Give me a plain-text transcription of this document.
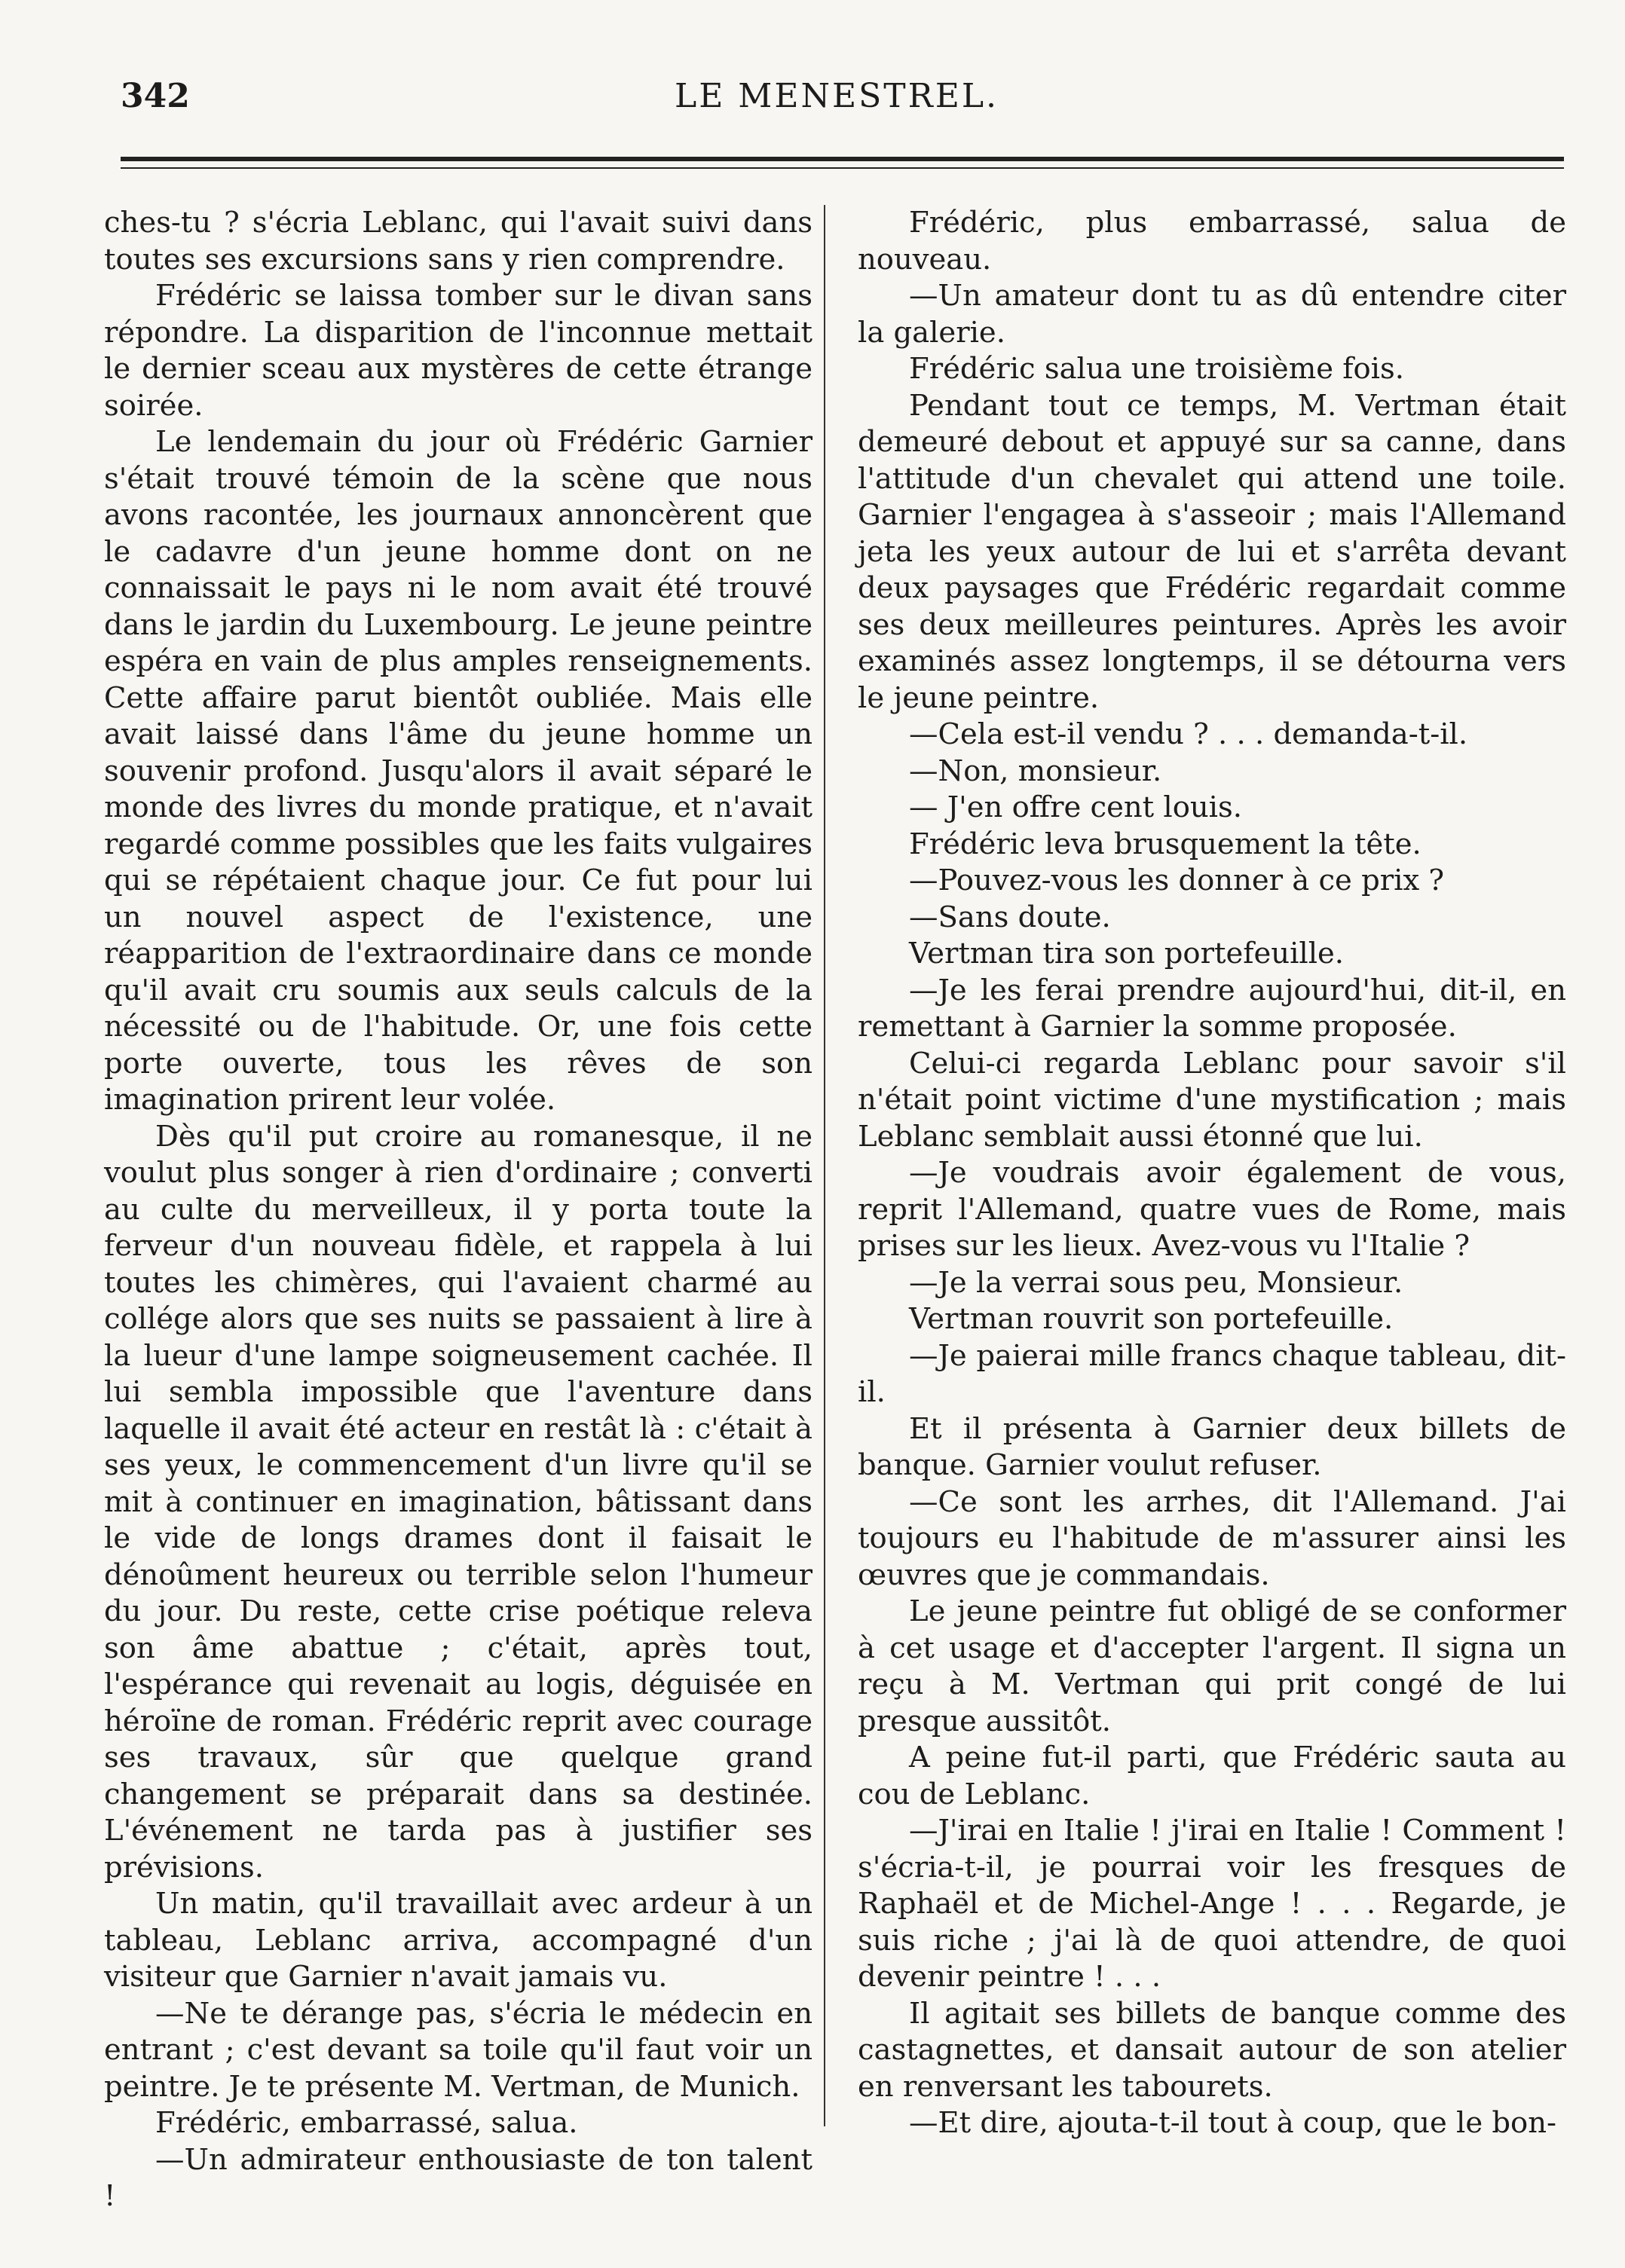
342	LE MENESTREL.

ches-tu ? s'écria Leblanc, qui l'avait suivi dans toutes ses excursions sans y rien comprendre.

Frédéric se laissa tomber sur le divan sans répondre. La disparition de l'inconnue mettait le dernier sceau aux mystères de cette étrange soirée.

Le lendemain du jour où Frédéric Garnier s'était trouvé témoin de la scène que nous avons racontée, les journaux annoncèrent que le cadavre d'un jeune homme dont on ne connaissait le pays ni le nom avait été trouvé dans le jardin du Luxembourg. Le jeune peintre espéra en vain de plus amples renseignements. Cette affaire parut bientôt oubliée. Mais elle avait laissé dans l'âme du jeune homme un souvenir profond. Jusqu'alors il avait séparé le monde des livres du monde pratique, et n'avait regardé comme possibles que les faits vulgaires qui se répétaient chaque jour. Ce fut pour lui un nouvel aspect de l'existence, une réapparition de l'extraordinaire dans ce monde qu'il avait cru soumis aux seuls calculs de la nécessité ou de l'habitude. Or, une fois cette porte ouverte, tous les rêves de son imagination prirent leur volée.

Dès qu'il put croire au romanesque, il ne voulut plus songer à rien d'ordinaire ; converti au culte du merveilleux, il y porta toute la ferveur d'un nouveau fidèle, et rappela à lui toutes les chimères, qui l'avaient charmé au collége alors que ses nuits se passaient à lire à la lueur d'une lampe soigneusement cachée. Il lui sembla impossible que l'aventure dans laquelle il avait été acteur en restât là : c'était à ses yeux, le commencement d'un livre qu'il se mit à continuer en imagination, bâtissant dans le vide de longs drames dont il faisait le dénoûment heureux ou terrible selon l'humeur du jour. Du reste, cette crise poétique releva son âme abattue ; c'était, après tout, l'espérance qui revenait au logis, déguisée en héroïne de roman. Frédéric reprit avec courage ses travaux, sûr que quelque grand changement se préparait dans sa destinée. L'événement ne tarda pas à justifier ses prévisions.

Un matin, qu'il travaillait avec ardeur à un tableau, Leblanc arriva, accompagné d'un visiteur que Garnier n'avait jamais vu.

—Ne te dérange pas, s'écria le médecin en entrant ; c'est devant sa toile qu'il faut voir un peintre. Je te présente M. Vertman, de Munich.

Frédéric, embarrassé, salua.

—Un admirateur enthousiaste de ton talent !

Frédéric, plus embarrassé, salua de nouveau.

—Un amateur dont tu as dû entendre citer la galerie.

Frédéric salua une troisième fois.

Pendant tout ce temps, M. Vertman était demeuré debout et appuyé sur sa canne, dans l'attitude d'un chevalet qui attend une toile. Garnier l'engagea à s'asseoir ; mais l'Allemand jeta les yeux autour de lui et s'arrêta devant deux paysages que Frédéric regardait comme ses deux meilleures peintures. Après les avoir examinés assez longtemps, il se détourna vers le jeune peintre.

—Cela est-il vendu ? . . . demanda-t-il.

—Non, monsieur.

— J'en offre cent louis.

Frédéric leva brusquement la tête.

—Pouvez-vous les donner à ce prix ?

—Sans doute.

Vertman tira son portefeuille.

—Je les ferai prendre aujourd'hui, dit-il, en remettant à Garnier la somme proposée.

Celui-ci regarda Leblanc pour savoir s'il n'était point victime d'une mystification ; mais Leblanc semblait aussi étonné que lui.

—Je voudrais avoir également de vous, reprit l'Allemand, quatre vues de Rome, mais prises sur les lieux. Avez-vous vu l'Italie ?

—Je la verrai sous peu, Monsieur.

Vertman rouvrit son portefeuille.

—Je paierai mille francs chaque tableau, dit-il.

Et il présenta à Garnier deux billets de banque. Garnier voulut refuser.

—Ce sont les arrhes, dit l'Allemand. J'ai toujours eu l'habitude de m'assurer ainsi les œuvres que je commandais.

Le jeune peintre fut obligé de se conformer à cet usage et d'accepter l'argent. Il signa un reçu à M. Vertman qui prit congé de lui presque aussitôt.

A peine fut-il parti, que Frédéric sauta au cou de Leblanc.

—J'irai en Italie ! j'irai en Italie ! Comment ! s'écria-t-il, je pourrai voir les fresques de Raphaël et de Michel-Ange ! . . . Regarde, je suis riche ; j'ai là de quoi attendre, de quoi devenir peintre ! . . .

Il agitait ses billets de banque comme des castagnettes, et dansait autour de son atelier en renversant les tabourets.

—Et dire, ajouta-t-il tout à coup, que le bon-
